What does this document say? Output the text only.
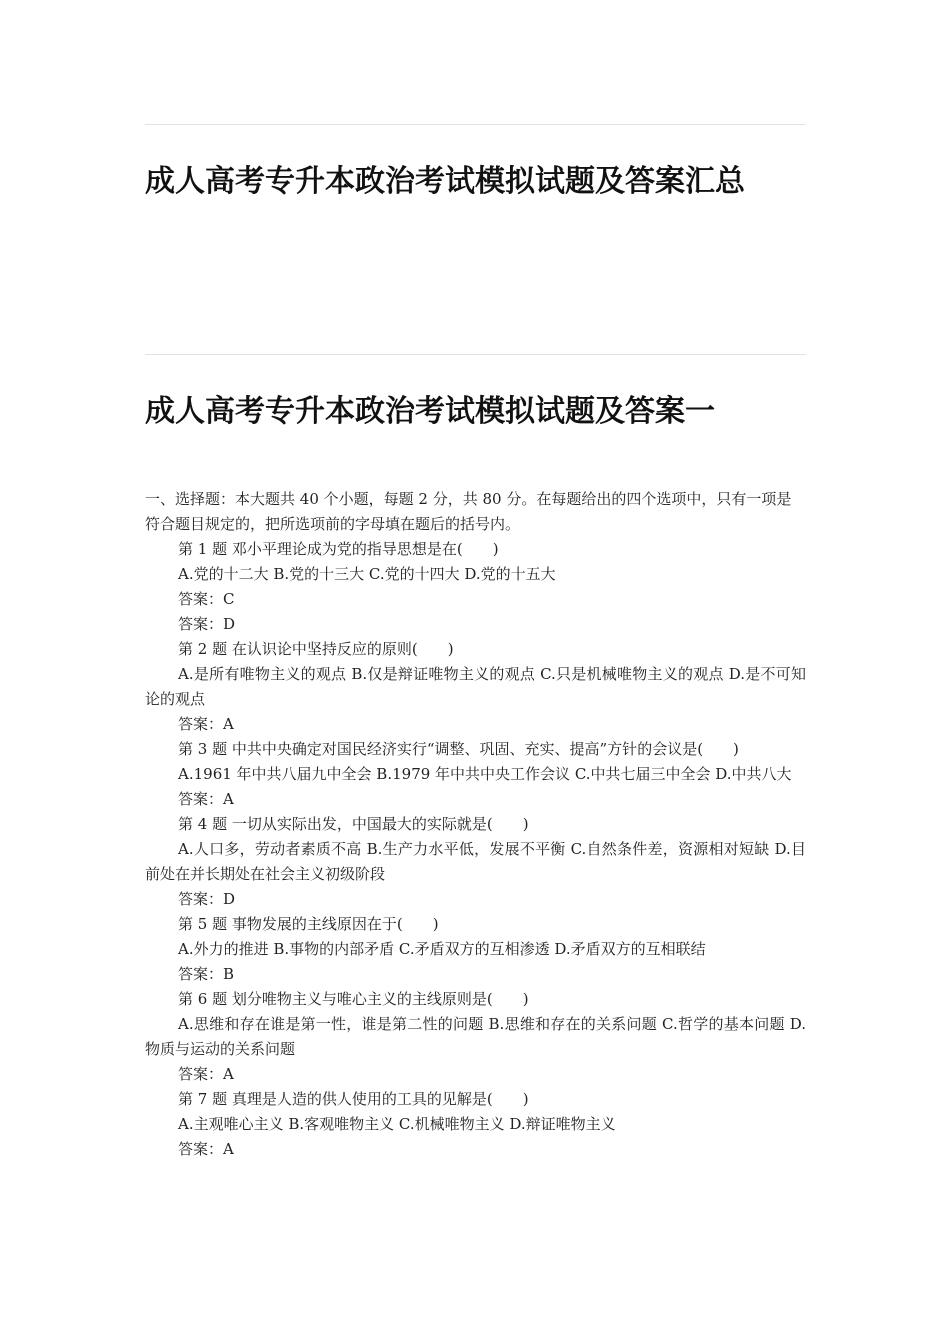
成人高考专升本政治考试模拟试题及答案汇总
成人高考专升本政治考试模拟试题及答案一

一、选择题：本大题共 40 个小题，每题 2 分，共 80 分。在每题给出的四个选项中，只有一项是符合题目规定的，把所选项前的字母填在题后的括号内。

第 1 题 邓小平理论成为党的指导思想是在(　　)

A.党的十二大 B.党的十三大 C.党的十四大 D.党的十五大

答案：C

答案：D

第 2 题 在认识论中坚持反应的原则(　　)

A.是所有唯物主义的观点 B.仅是辩证唯物主义的观点 C.只是机械唯物主义的观点 D.是不可知论的观点

答案：A

第 3 题 中共中央确定对国民经济实行“调整、巩固、充实、提高”方针的会议是(　　)

A.1961 年中共八届九中全会 B.1979 年中共中央工作会议 C.中共七届三中全会 D.中共八大

答案：A

第 4 题 一切从实际出发，中国最大的实际就是(　　)

A.人口多，劳动者素质不高 B.生产力水平低，发展不平衡 C.自然条件差，资源相对短缺 D.目前处在并长期处在社会主义初级阶段

答案：D

第 5 题 事物发展的主线原因在于(　　)

A.外力的推进 B.事物的内部矛盾 C.矛盾双方的互相渗透 D.矛盾双方的互相联结

答案：B

第 6 题 划分唯物主义与唯心主义的主线原则是(　　)

A.思维和存在谁是第一性，谁是第二性的问题 B.思维和存在的关系问题 C.哲学的基本问题 D.物质与运动的关系问题

答案：A

第 7 题 真理是人造的供人使用的工具的见解是(　　)

A.主观唯心主义 B.客观唯物主义 C.机械唯物主义 D.辩证唯物主义

答案：A
